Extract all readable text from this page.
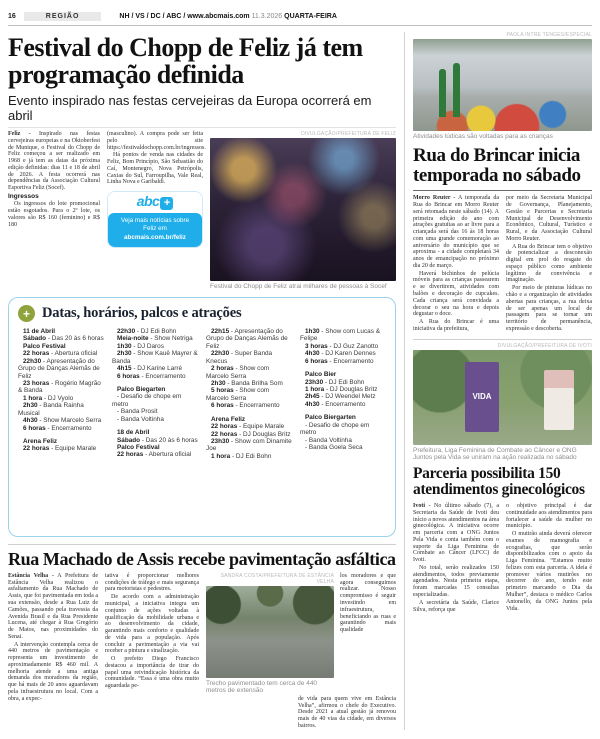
16	REGIÃO	NH / VS / DC / ABC / www.abcmais.com 11.3.2026 QUARTA-FEIRA
Festival do Chopp de Feliz já tem programação definida

Evento inspirado nas festas cervejeiras da Europa ocorrerá em abril

Feliz - Inspirado nas festas cervejeiras europeias e na Oktoberfest de Munique, o Festival do Chopp de Feliz começou a ser realizado em 1968 e já tem as datas da próxima edição definidas: dias 11 e 18 de abril de 2026. A festa ocorrerá nas dependências da Associação Cultural Esportiva Feliz (Socef).

Ingressos

Os ingressos do lote promocional estão esgotados. Para o 2º lote, os valores são R$ 160 (feminino) e R$ 180

(masculino). A compra pode ser feita pelo site https://festivaldochopp.com.br/ingressos.

Há pontos de venda nas cidades de Feliz, Bom Princípio, São Sebastião do Caí, Montenegro, Nova Petrópolis, Caxias do Sul, Farroupilha, Vale Real, Linha Nova e Garibaldi.

abc +
Veja mais notícias sobre
Feliz em
abcmais.com.br/feliz
DIVULGAÇÃO/PREFEITURA DE FELIZ
Festival do Chopp de Feliz atrai milhares de pessoas à Socef
+ Datas, horários, palcos e atrações
11 de Abril
Sábado - Das 20 às 6 horas
Palco Festival
22 horas - Abertura oficial
22h30 - Apresentação do Grupo de Danças Alemãs de Feliz
23 horas - Rogério Magrão & Banda
1 hora - DJ Vyolo
2h30 - Banda Rainha Musical
4h30 - Show Marcelo Serra
6 horas - Encerramento
Arena Feliz
22 horas - Equipe Marale
22h30 - DJ Edi Bohn
Meia-noite - Show Netriga
1h30 - DJ Daros
2h30 - Show Kauê Mayrer & Banda
4h15 - DJ Karine Larré
6 horas - Encerramento
Palco Biegarten
- Desafio de chope em metro
- Banda Prosit
- Banda Voltinha
18 de Abril
Sábado - Das 20 às 6 horas
Palco Festival
22 horas - Abertura oficial
22h15 - Apresentação do Grupo de Danças Alemãs de Feliz
22h30 - Super Banda Knecus
2 horas - Show com Marcelo Serra
2h30 - Banda Brilha Som
5 horas - Show com Marcelo Serra
6 horas - Encerramento
Arena Feliz
22 horas - Equipe Marale
22 horas - DJ Douglas Britz
23h30 - Show com Dinamite Joe
1 hora - DJ Edi Bohn
1h30 - Show com Lucas & Felipe
3 horas - DJ Guz Zanotto
4h30 - DJ Karen Dennes
6 horas - Encerramento
Palco Bier
23h30 - DJ Edi Bohn
1 hora - DJ Douglas Britz
2h45 - DJ Weendel Metz
4h30 - Encerramento
Palco Biergarten
- Desafio de chope em metro
- Banda Voltinha
- Banda Goela Seca
Rua Machado de Assis recebe pavimentação asfáltica

Estância Velha - A Prefeitura de Estância Velha realizou o asfaltamento da Rua Machado de Assis, que foi pavimentada em toda a sua extensão, desde a Rua Luiz de Camões, passando pela travessia da Avenida Brasil e da Rua Presidente Lucena, até chegar à Rua Gregório de Matos, nas proximidades do Senai.

A intervenção contempla cerca de 440 metros de pavimentação e representa um investimento de aproximadamente R$ 460 mil. A melhoria atende a uma antiga demanda dos moradores da região, que há mais de 20 anos aguardavam pela infraestrutura no local. Com a obra, a expec-

tativa é proporcionar melhores condições de tráfego e mais segurança para motoristas e pedestres.

De acordo com a administração municipal, a iniciativa integra um conjunto de ações voltadas à qualificação da mobilidade urbana e ao desenvolvimento da cidade, garantindo mais conforto e qualidade de vida para a população. Após concluir a pavimentação a via vai receber a pintura e sinalização.

O prefeito Diego Francisco destacou a importância de tirar do papel uma reivindicação histórica da comunidade. “Essa é uma obra muito aguardada pe-

SANDRA COSTA/PREFEITURA DE ESTÂNCIA VELHA
Trecho pavimentado tem cerca de 440 metros de extensão

los moradores e que agora conseguimos realizar. Nosso compromisso é seguir investindo em infraestrutura, beneficiando as ruas e garantindo mais qualidade

de vida para quem vive em Estância Velha”, afirmou o chefe do Executivo. Desde 2021 a atual gestão já renovou mais de 40 vias da cidade, em diversos bairros.

PAOLA INTRE TENGES/ESPECIAL
Atividades lúdicas são voltadas para as crianças
Rua do Brincar inicia temporada no sábado

Morro Reuter - A temporada da Rua do Brincar em Morro Reuter será retomada neste sábado (14). A primeira edição do ano com atrações gratuitas ao ar livre para a criançada será das 16 às 18 horas com uma grande comemoração ao aniversário do município que se aproxima - a cidade completará 34 anos de emancipação no próximo dia 20 de março.

Haverá bichinhos de pelúcia móveis para as crianças passearem e se divertirem, atividades com balões e decoração de cupcakes. Cada criança será convidada a decorar o seu na hora e depois degustar o doce.

A Rua do Brincar é uma iniciativa da prefeitura,

por meio da Secretaria Municipal de Governança, Planejamento, Gestão e Parcerias e Secretaria Municipal de Desenvolvimento Econômico, Cultural, Turístico e Rural, e da Associação Cultural Morro Reuter.

A Rua do Brincar tem o objetivo de potencializar a desconexão digital em prol do resgate do espaço público como ambiente legítimo de convivência e imaginação.

Por meio de pinturas lúdicas no chão e a organização de atividades abertas para crianças, a rua deixa de ser apenas um local de passagem para se tornar um território de permanência, expressão e descoberta.

DIVULGAÇÃO/PREFEITURA DE IVOTI
VIDA
Prefeitura, Liga Feminina de Combate ao Câncer e ONG Juntos pela Vida se uniram na ação realizada no sábado
Parceria possibilita 150 atendimentos ginecológicos

Ivoti - No último sábado (7), a Secretaria da Saúde de Ivoti deu início a novos atendimentos na área ginecológica. A iniciativa ocorre em parceria com a ONG Juntos Pela Vida e conta também com o suporte da Liga Feminina de Combate ao Câncer (LFCC) de Ivoti.

No total, serão realizados 150 atendimentos, todos previamente agendados. Nesta primeira etapa, foram marcadas 15 consultas especializadas.

A secretária da Saúde, Clarice Silva, reforça que

o objetivo principal é dar continuidade aos atendimentos para fortalecer a saúde da mulher no município.

O mutirão ainda deverá oferecer exames de mamografia e ecografias, que serão disponibilizados com o apoio da Liga Feminina. “Estamos muito felizes com esta parceria. A ideia é promover vários mutirões no decorrer do ano, tendo este primeiro marcando o Dia da Mulher”, destaca o médico Carlos Antonello, da ONG Juntos pela Vida.
